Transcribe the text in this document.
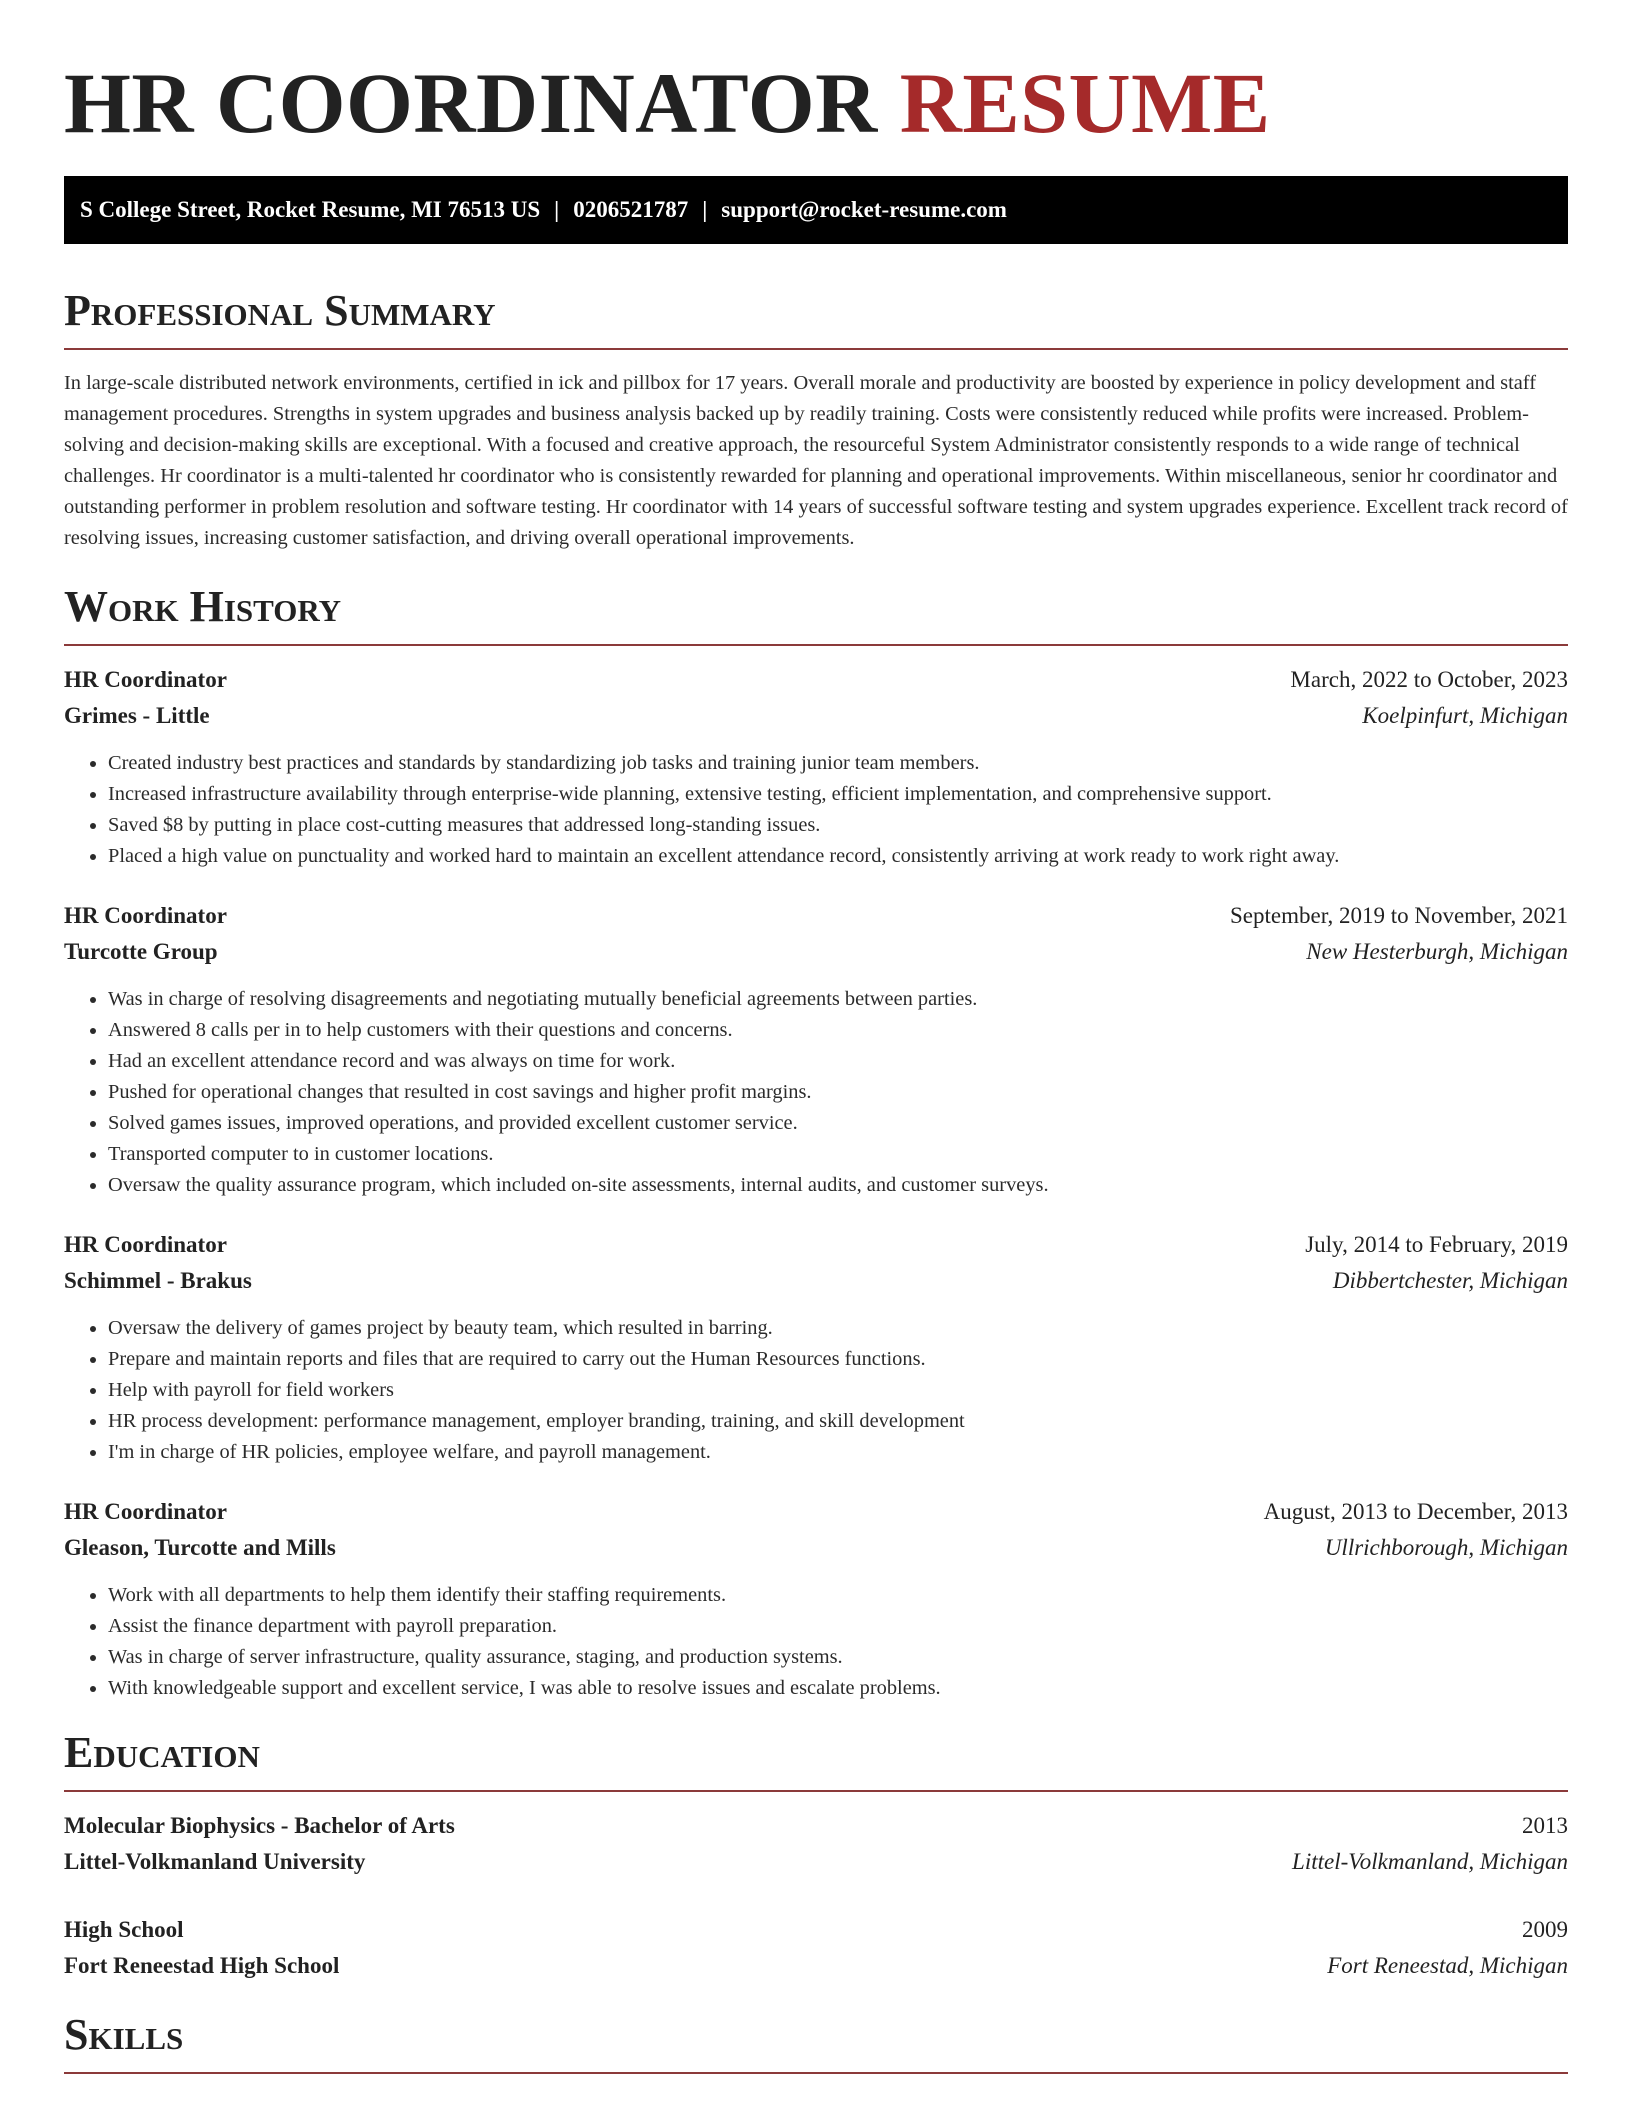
HR COORDINATOR RESUME
S College Street, Rocket Resume, MI 76513 US | 0206521787 | support@rocket-resume.com
Professional Summary

In large-scale distributed network environments, certified in ick and pillbox for 17 years. Overall morale and productivity are boosted by experience in policy development and staff management procedures. Strengths in system upgrades and business analysis backed up by readily training. Costs were consistently reduced while profits were increased. Problem-solving and decision-making skills are exceptional. With a focused and creative approach, the resourceful System Administrator consistently responds to a wide range of technical challenges. Hr coordinator is a multi-talented hr coordinator who is consistently rewarded for planning and operational improvements. Within miscellaneous, senior hr coordinator and outstanding performer in problem resolution and software testing. Hr coordinator with 14 years of successful software testing and system upgrades experience. Excellent track record of resolving issues, increasing customer satisfaction, and driving overall operational improvements.

Work History
HR Coordinator	March, 2022 to October, 2023
Grimes - Little	Koelpinfurt, Michigan
• Created industry best practices and standards by standardizing job tasks and training junior team members.
• Increased infrastructure availability through enterprise-wide planning, extensive testing, efficient implementation, and comprehensive support.
• Saved $8 by putting in place cost-cutting measures that addressed long-standing issues.
• Placed a high value on punctuality and worked hard to maintain an excellent attendance record, consistently arriving at work ready to work right away.
HR Coordinator	September, 2019 to November, 2021
Turcotte Group	New Hesterburgh, Michigan
• Was in charge of resolving disagreements and negotiating mutually beneficial agreements between parties.
• Answered 8 calls per in to help customers with their questions and concerns.
• Had an excellent attendance record and was always on time for work.
• Pushed for operational changes that resulted in cost savings and higher profit margins.
• Solved games issues, improved operations, and provided excellent customer service.
• Transported computer to in customer locations.
• Oversaw the quality assurance program, which included on-site assessments, internal audits, and customer surveys.
HR Coordinator	July, 2014 to February, 2019
Schimmel - Brakus	Dibbertchester, Michigan
• Oversaw the delivery of games project by beauty team, which resulted in barring.
• Prepare and maintain reports and files that are required to carry out the Human Resources functions.
• Help with payroll for field workers
• HR process development: performance management, employer branding, training, and skill development
• I'm in charge of HR policies, employee welfare, and payroll management.
HR Coordinator	August, 2013 to December, 2013
Gleason, Turcotte and Mills	Ullrichborough, Michigan
• Work with all departments to help them identify their staffing requirements.
• Assist the finance department with payroll preparation.
• Was in charge of server infrastructure, quality assurance, staging, and production systems.
• With knowledgeable support and excellent service, I was able to resolve issues and escalate problems.
Education
Molecular Biophysics - Bachelor of Arts	2013
Littel-Volkmanland University	Littel-Volkmanland, Michigan
High School	2009
Fort Reneestad High School	Fort Reneestad, Michigan
Skills
